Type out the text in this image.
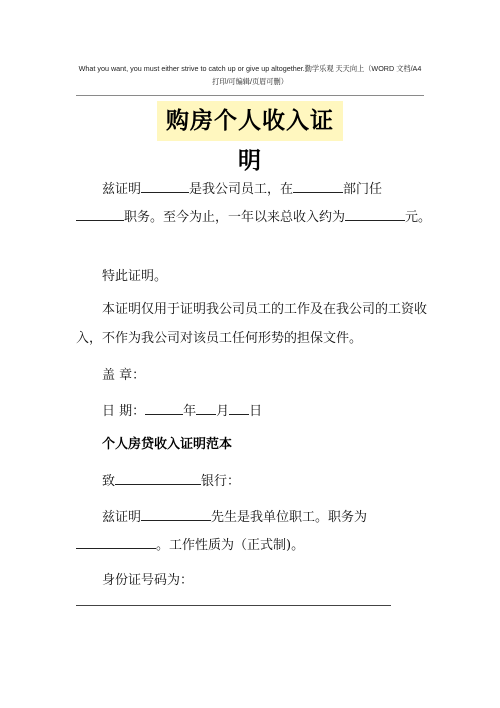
What you want, you must either strive to catch up or give up altogether.勤学乐观 天天向上（WORD 文档/A4
打印/可编辑/页眉可删）
购房个人收入证明
兹证明	是我公司员工，在	部门任
职务。至今为止，一年以来总收入约为	元。
特此证明。
本证明仅用于证明我公司员工的工作及在我公司的工资收
入，不作为我公司对该员工任何形势的担保文件。
盖 章：
日 期：	年 月 日
个人房贷收入证明范本
致	银行：
兹证明	先生是我单位职工。职务为
。工作性质为（正式制)。
身份证号码为：
